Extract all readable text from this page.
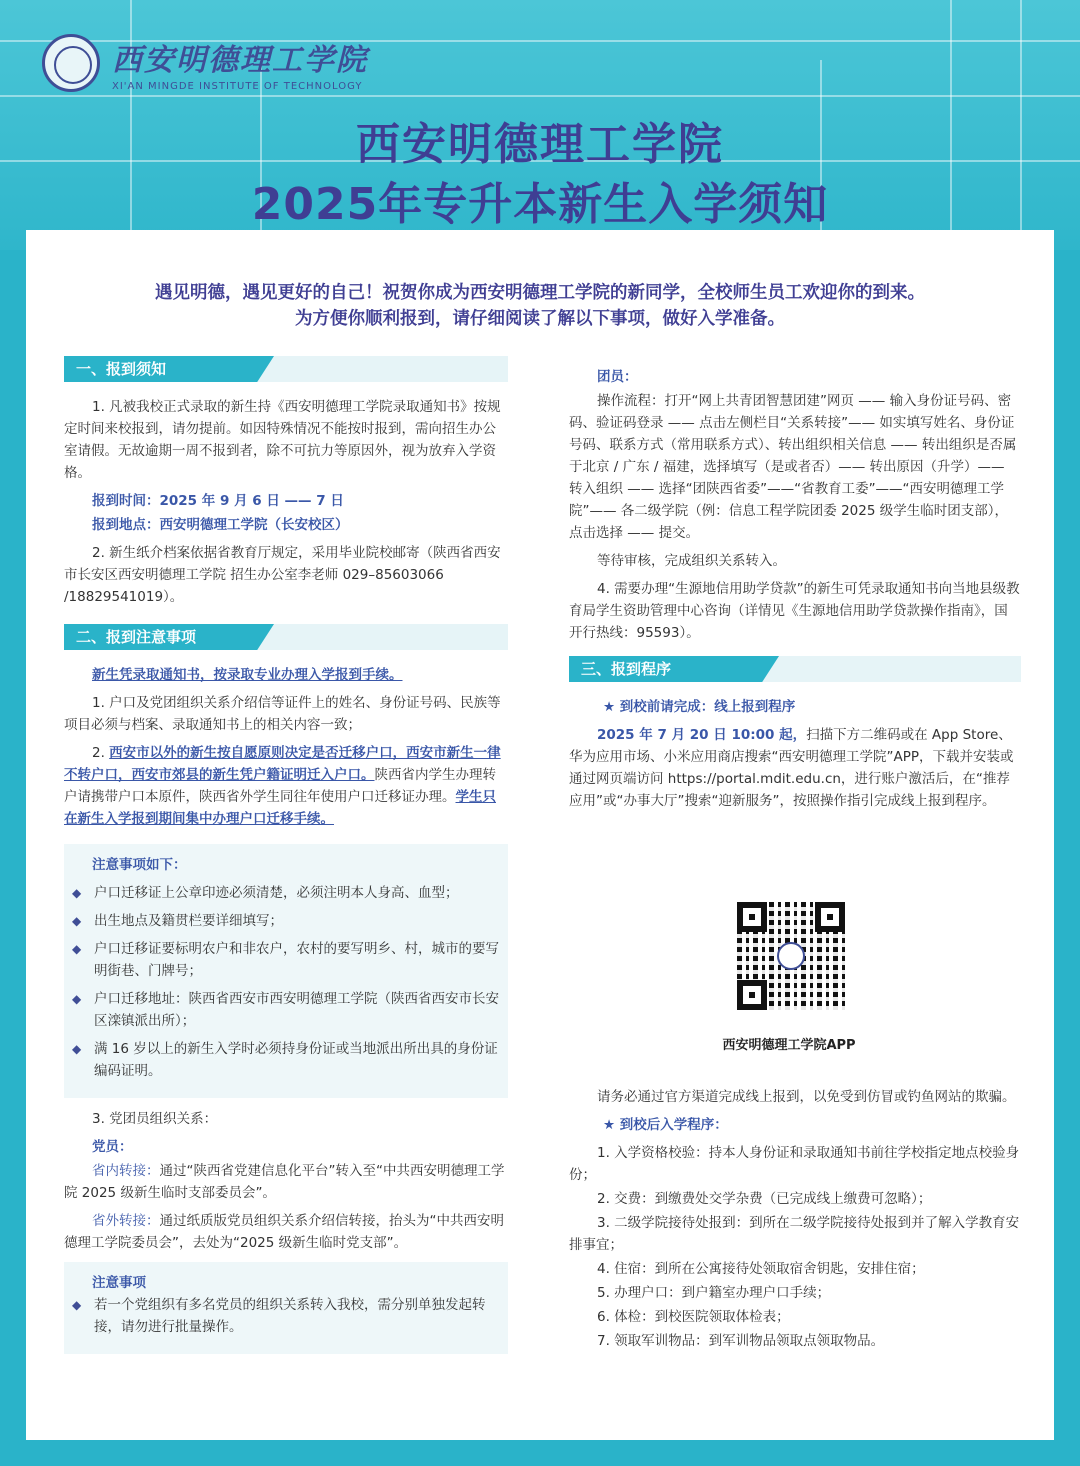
西安明德理工学院
XI'AN MINGDE INSTITUTE OF TECHNOLOGY
西安明德理工学院
2025年专升本新生入学须知
遇见明德，遇见更好的自己！祝贺你成为西安明德理工学院的新同学，全校师生员工欢迎你的到来。
为方便你顺利报到，请仔细阅读了解以下事项，做好入学准备。
一、报到须知

1. 凡被我校正式录取的新生持《西安明德理工学院录取通知书》按规定时间来校报到，请勿提前。如因特殊情况不能按时报到，需向招生办公室请假。无故逾期一周不报到者，除不可抗力等原因外，视为放弃入学资格。

报到时间：2025 年 9 月 6 日 —— 7 日

报到地点：西安明德理工学院（长安校区）

2. 新生纸介档案依据省教育厅规定，采用毕业院校邮寄（陕西省西安市长安区西安明德理工学院 招生办公室李老师 029–85603066 /18829541019）。

二、报到注意事项

新生凭录取通知书，按录取专业办理入学报到手续。

1. 户口及党团组织关系介绍信等证件上的姓名、身份证号码、民族等项目必须与档案、录取通知书上的相关内容一致；

2. 西安市以外的新生按自愿原则决定是否迁移户口，西安市新生一律不转户口，西安市郊县的新生凭户籍证明迁入户口。陕西省内学生办理转户请携带户口本原件，陕西省外学生同往年使用户口迁移证办理。学生只在新生入学报到期间集中办理户口迁移手续。

注意事项如下：

◆ 户口迁移证上公章印迹必须清楚，必须注明本人身高、血型；
◆ 出生地点及籍贯栏要详细填写；
◆ 户口迁移证要标明农户和非农户，农村的要写明乡、村，城市的要写明街巷、门牌号；
◆ 户口迁移地址：陕西省西安市西安明德理工学院（陕西省西安市长安区滦镇派出所）；
◆ 满 16 岁以上的新生入学时必须持身份证或当地派出所出具的身份证编码证明。

3. 党团员组织关系：

党员：

省内转接：通过“陕西省党建信息化平台”转入至“中共西安明德理工学院 2025 级新生临时支部委员会”。

省外转接：通过纸质版党员组织关系介绍信转接，抬头为“中共西安明德理工学院委员会”，去处为“2025 级新生临时党支部”。

注意事项

◆ 若一个党组织有多名党员的组织关系转入我校，需分别单独发起转接，请勿进行批量操作。

团员：

操作流程：打开“网上共青团智慧团建”网页 —— 输入身份证号码、密码、验证码登录 —— 点击左侧栏目“关系转接”—— 如实填写姓名、身份证号码、联系方式（常用联系方式）、转出组织相关信息 —— 转出组织是否属于北京 / 广东 / 福建，选择填写（是或者否）—— 转出原因（升学）—— 转入组织 —— 选择“团陕西省委”——“省教育工委”——“西安明德理工学院”—— 各二级学院（例：信息工程学院团委 2025 级学生临时团支部），点击选择 —— 提交。

等待审核，完成组织关系转入。

4. 需要办理“生源地信用助学贷款”的新生可凭录取通知书向当地县级教育局学生资助管理中心咨询（详情见《生源地信用助学贷款操作指南》，国开行热线：95593）。

三、报到程序

★ 到校前请完成：线上报到程序

2025 年 7 月 20 日 10:00 起，扫描下方二维码或在 App Store、华为应用市场、小米应用商店搜索“西安明德理工学院”APP，下载并安装或通过网页端访问 https://portal.mdit.edu.cn，进行账户激活后，在“推荐应用”或“办事大厅”搜索“迎新服务”，按照操作指引完成线上报到程序。

西安明德理工学院APP

请务必通过官方渠道完成线上报到，以免受到仿冒或钓鱼网站的欺骗。

★ 到校后入学程序：

1. 入学资格校验：持本人身份证和录取通知书前往学校指定地点校验身份；

2. 交费：到缴费处交学杂费（已完成线上缴费可忽略）；

3. 二级学院接待处报到：到所在二级学院接待处报到并了解入学教育安排事宜；

4. 住宿：到所在公寓接待处领取宿舍钥匙，安排住宿；

5. 办理户口：到户籍室办理户口手续；

6. 体检：到校医院领取体检表；

7. 领取军训物品：到军训物品领取点领取物品。
